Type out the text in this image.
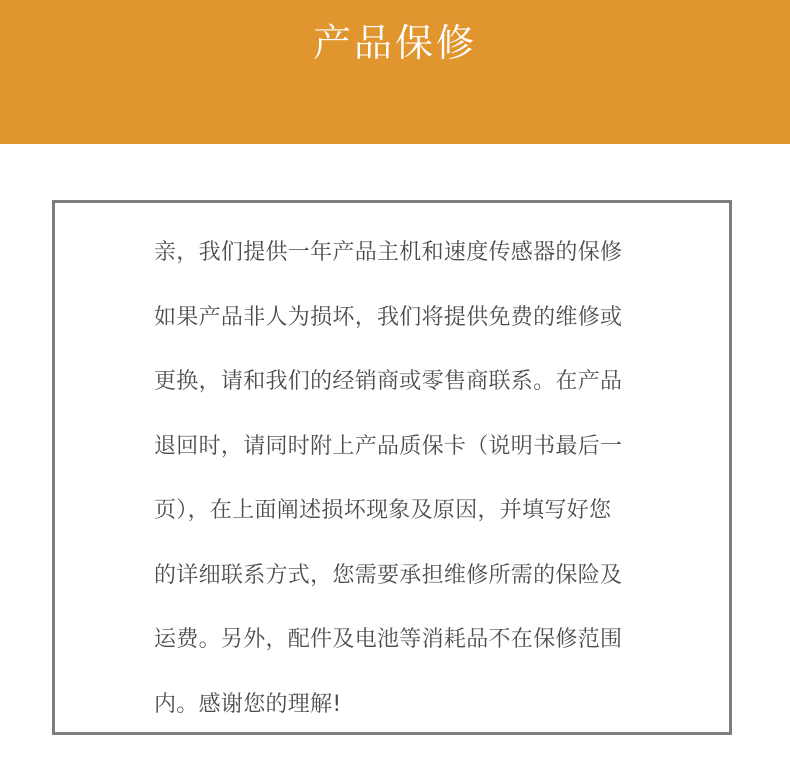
产品保修
亲，我们提供一年产品主机和速度传感器的保修
如果产品非人为损坏，我们将提供免费的维修或
更换，请和我们的经销商或零售商联系。在产品
退回时，请同时附上产品质保卡（说明书最后一
页），在上面阐述损坏现象及原因，并填写好您
的详细联系方式，您需要承担维修所需的保险及
运费。另外，配件及电池等消耗品不在保修范围
内。感谢您的理解!
